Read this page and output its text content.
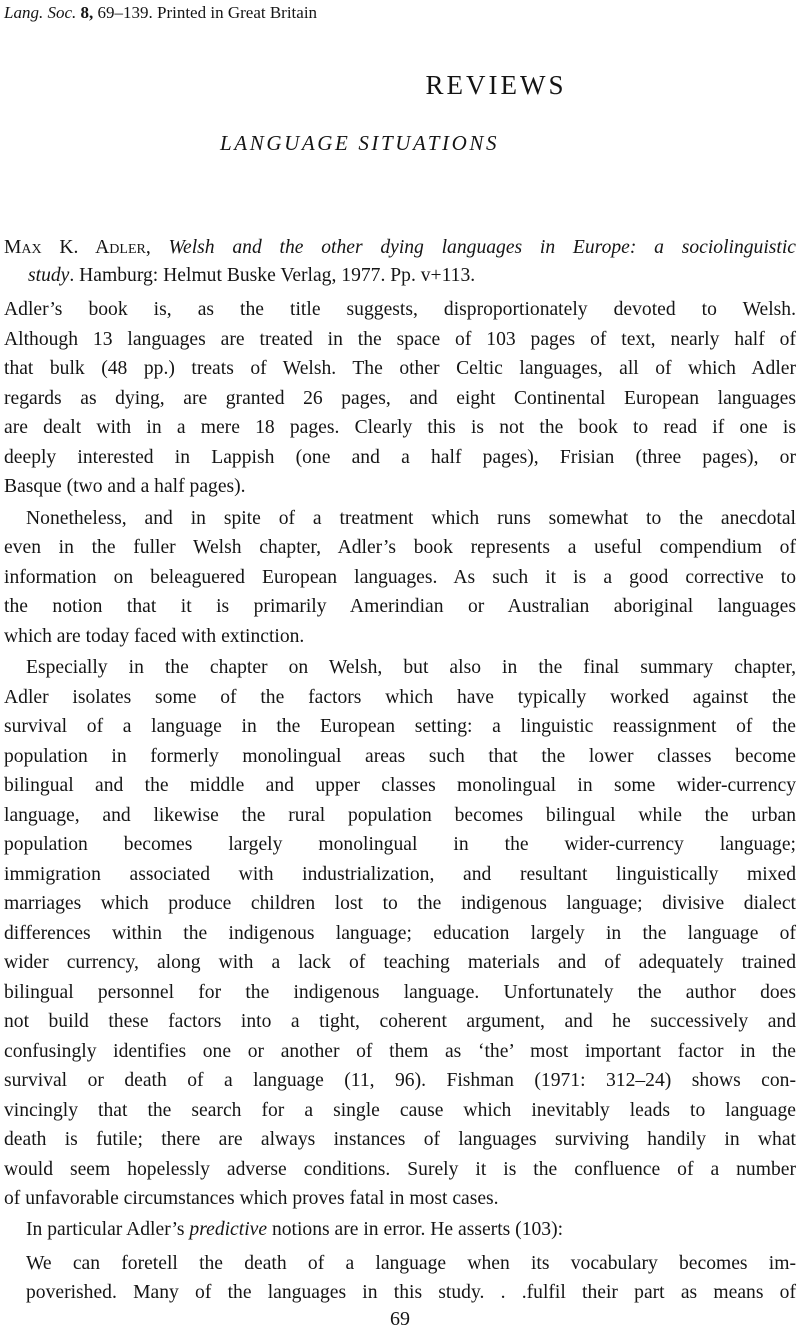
Lang. Soc. 8, 69–139. Printed in Great Britain
REVIEWS
LANGUAGE SITUATIONS
Max K. Adler, Welsh and the other dying languages in Europe: a sociolinguistic
study. Hamburg: Helmut Buske Verlag, 1977. Pp. v+113.
Adler’s book is, as the title suggests, disproportionately devoted to Welsh.
Although 13 languages are treated in the space of 103 pages of text, nearly half of
that bulk (48 pp.) treats of Welsh. The other Celtic languages, all of which Adler
regards as dying, are granted 26 pages, and eight Continental European languages
are dealt with in a mere 18 pages. Clearly this is not the book to read if one is
deeply interested in Lappish (one and a half pages), Frisian (three pages), or
Basque (two and a half pages).
Nonetheless, and in spite of a treatment which runs somewhat to the anecdotal
even in the fuller Welsh chapter, Adler’s book represents a useful compendium of
information on beleaguered European languages. As such it is a good corrective to
the notion that it is primarily Amerindian or Australian aboriginal languages
which are today faced with extinction.
Especially in the chapter on Welsh, but also in the final summary chapter,
Adler isolates some of the factors which have typically worked against the
survival of a language in the European setting: a linguistic reassignment of the
population in formerly monolingual areas such that the lower classes become
bilingual and the middle and upper classes monolingual in some wider-currency
language, and likewise the rural population becomes bilingual while the urban
population becomes largely monolingual in the wider-currency language;
immigration associated with industrialization, and resultant linguistically mixed
marriages which produce children lost to the indigenous language; divisive dialect
differences within the indigenous language; education largely in the language of
wider currency, along with a lack of teaching materials and of adequately trained
bilingual personnel for the indigenous language. Unfortunately the author does
not build these factors into a tight, coherent argument, and he successively and
confusingly identifies one or another of them as ‘the’ most important factor in the
survival or death of a language (11, 96). Fishman (1971: 312–24) shows con-
vincingly that the search for a single cause which inevitably leads to language
death is futile; there are always instances of languages surviving handily in what
would seem hopelessly adverse conditions. Surely it is the confluence of a number
of unfavorable circumstances which proves fatal in most cases.
In particular Adler’s predictive notions are in error. He asserts (103):
We can foretell the death of a language when its vocabulary becomes im-
poverished. Many of the languages in this study. . .fulfil their part as means of
69
